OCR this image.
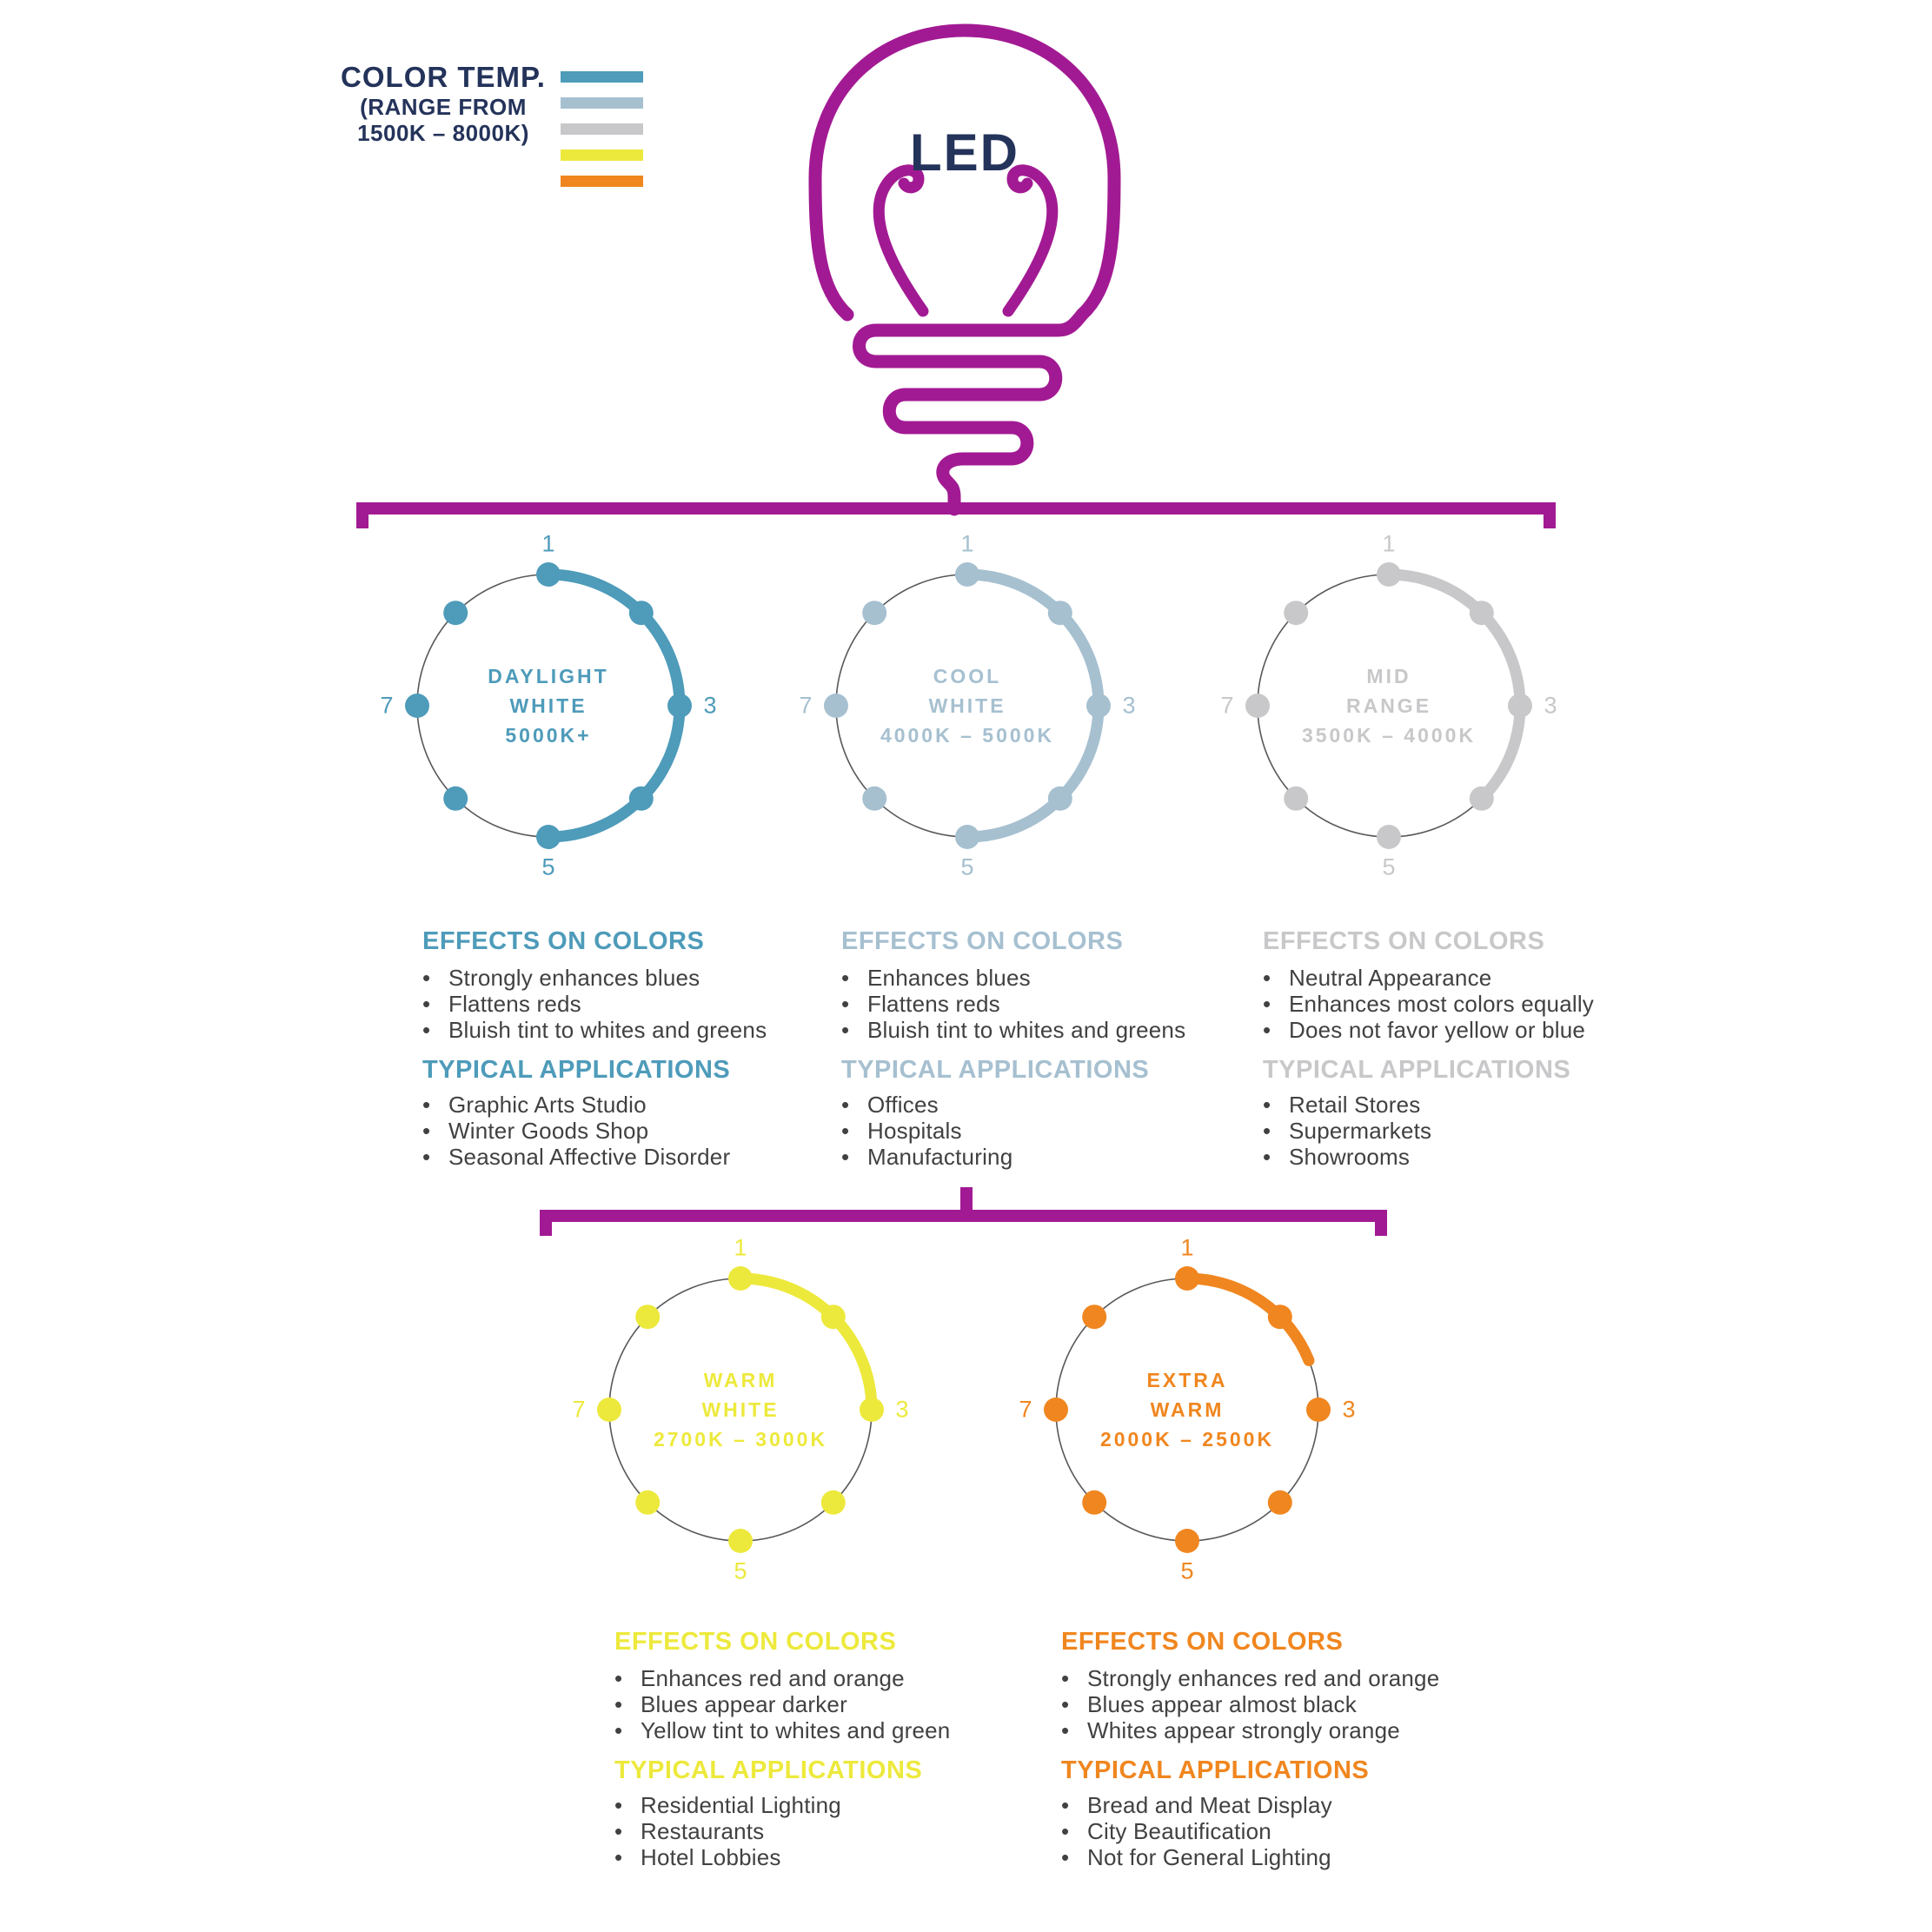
LED
COLOR TEMP.
(RANGE FROM
1500K – 8000K)
1
3
5
7
DAYLIGHT
WHITE
5000K+
1
3
5
7
COOL
WHITE
4000K – 5000K
1
3
5
7
MID
RANGE
3500K – 4000K
1
3
5
7
WARM
WHITE
2700K – 3000K
1
3
5
7
EXTRA
WARM
2000K – 2500K
EFFECTS ON COLORS
• Strongly enhances blues
• Flattens reds
• Bluish tint to whites and greens
TYPICAL APPLICATIONS
• Graphic Arts Studio
• Winter Goods Shop
• Seasonal Affective Disorder
EFFECTS ON COLORS
• Enhances blues
• Flattens reds
• Bluish tint to whites and greens
TYPICAL APPLICATIONS
• Offices
• Hospitals
• Manufacturing
EFFECTS ON COLORS
• Neutral Appearance
• Enhances most colors equally
• Does not favor yellow or blue
TYPICAL APPLICATIONS
• Retail Stores
• Supermarkets
• Showrooms
EFFECTS ON COLORS
• Enhances red and orange
• Blues appear darker
• Yellow tint to whites and green
TYPICAL APPLICATIONS
• Residential Lighting
• Restaurants
• Hotel Lobbies
EFFECTS ON COLORS
• Strongly enhances red and orange
• Blues appear almost black
• Whites appear strongly orange
TYPICAL APPLICATIONS
• Bread and Meat Display
• City Beautification
• Not for General Lighting
